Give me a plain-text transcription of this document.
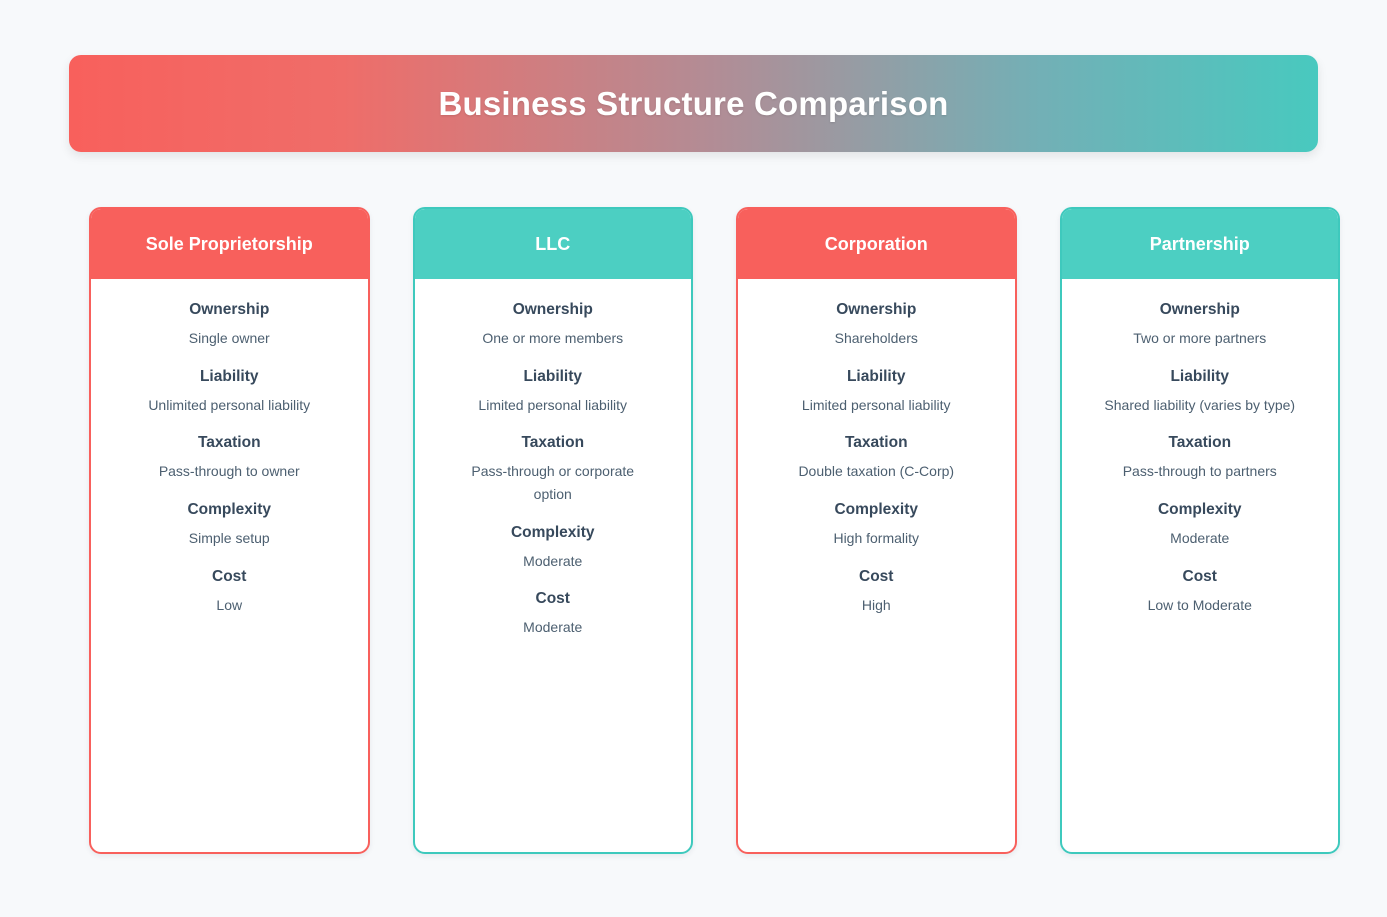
Business Structure Comparison
Sole Proprietorship
Ownership
Single owner
Liability
Unlimited personal liability
Taxation
Pass-through to owner
Complexity
Simple setup
Cost
Low
LLC
Ownership
One or more members
Liability
Limited personal liability
Taxation
Pass-through or corporate option
Complexity
Moderate
Cost
Moderate
Corporation
Ownership
Shareholders
Liability
Limited personal liability
Taxation
Double taxation (C-Corp)
Complexity
High formality
Cost
High
Partnership
Ownership
Two or more partners
Liability
Shared liability (varies by type)
Taxation
Pass-through to partners
Complexity
Moderate
Cost
Low to Moderate
